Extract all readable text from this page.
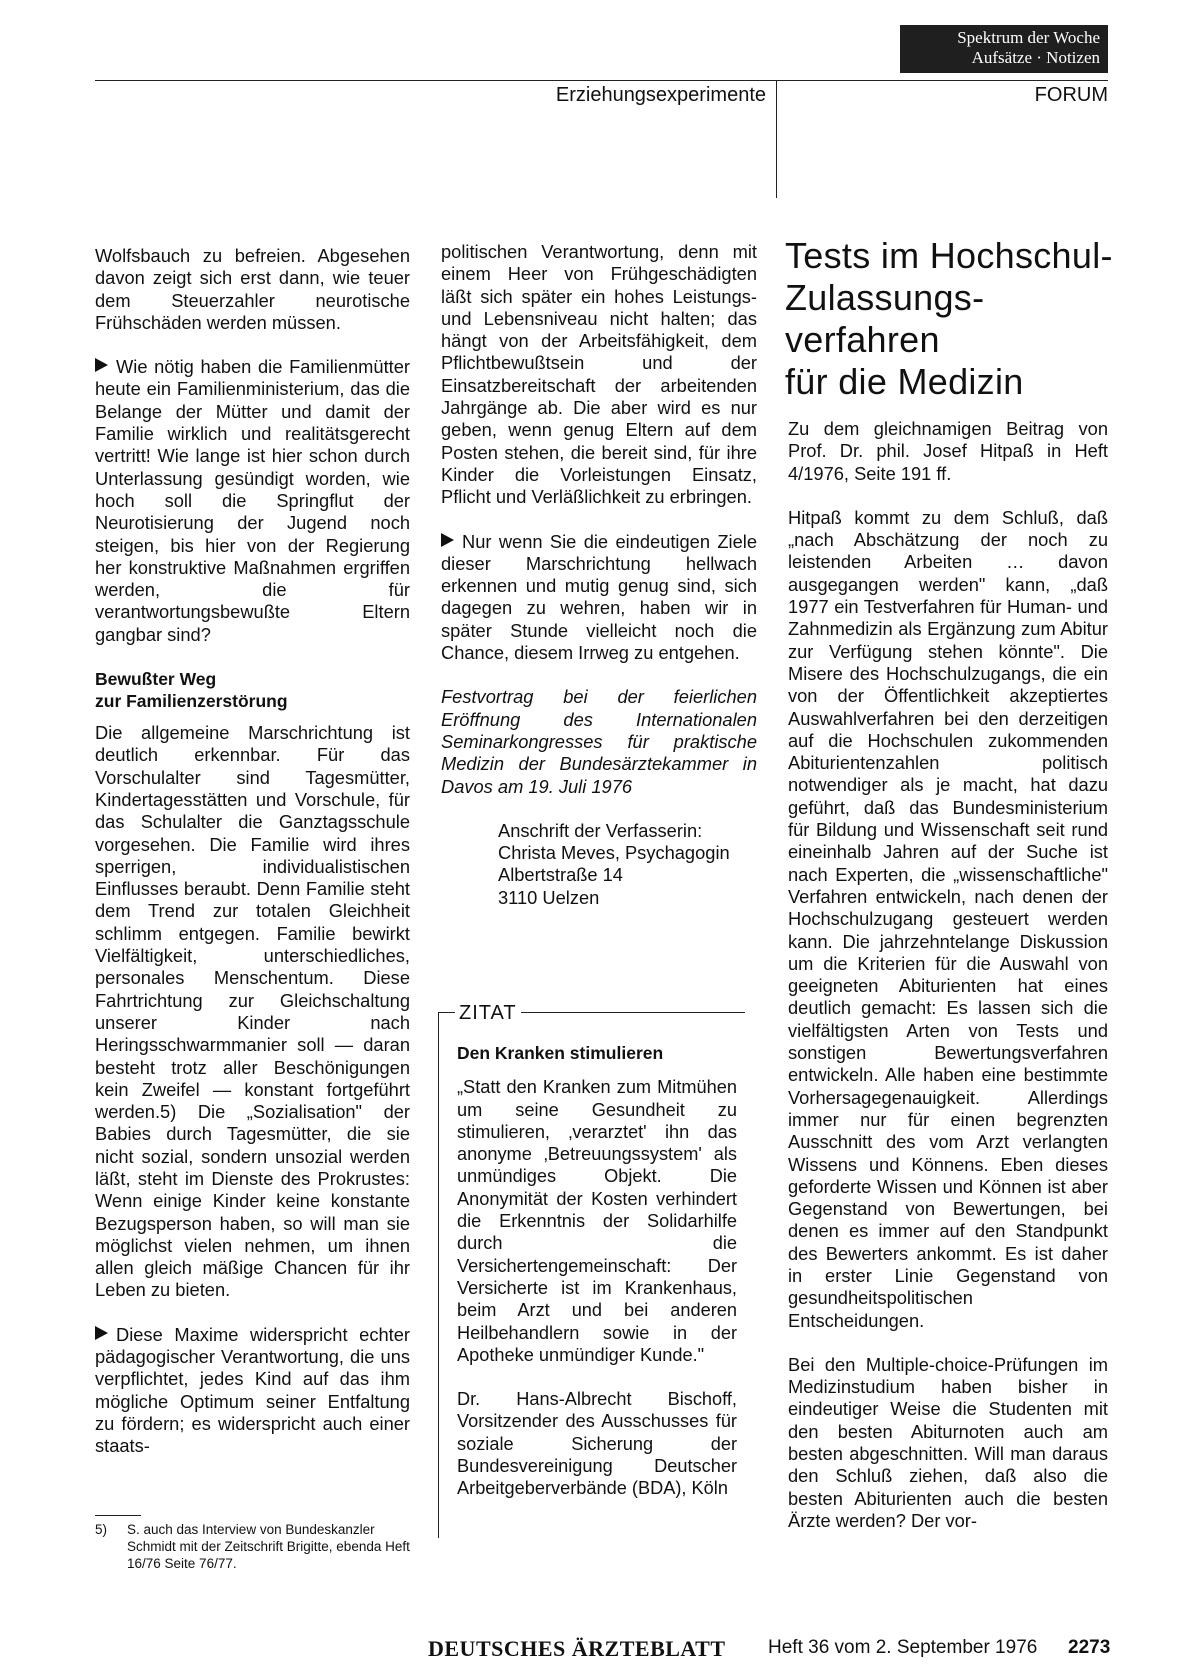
Spektrum der Woche
Aufsätze · Notizen
Erziehungsexperimente	FORUM

Wolfsbauch zu befreien. Abgesehen davon zeigt sich erst dann, wie teuer dem Steuerzahler neurotische Frühschäden werden müssen.

Wie nötig haben die Familienmütter heute ein Familienministerium, das die Belange der Mütter und damit der Familie wirklich und realitätsgerecht vertritt! Wie lange ist hier schon durch Unterlassung gesündigt worden, wie hoch soll die Springflut der Neurotisierung der Jugend noch steigen, bis hier von der Regierung her konstruktive Maßnahmen ergriffen werden, die für verantwortungsbewußte Eltern gangbar sind?

Bewußter Weg
zur Familienzerstörung

Die allgemeine Marschrichtung ist deutlich erkennbar. Für das Vorschulalter sind Tagesmütter, Kindertagesstätten und Vorschule, für das Schulalter die Ganztagsschule vorgesehen. Die Familie wird ihres sperrigen, individualistischen Einflusses beraubt. Denn Familie steht dem Trend zur totalen Gleichheit schlimm entgegen. Familie bewirkt Vielfältigkeit, unterschiedliches, personales Menschentum. Diese Fahrtrichtung zur Gleichschaltung unserer Kinder nach Heringsschwarmmanier soll — daran besteht trotz aller Beschönigungen kein Zweifel — konstant fortgeführt werden.5) Die „Sozialisation" der Babies durch Tagesmütter, die sie nicht sozial, sondern unsozial werden läßt, steht im Dienste des Prokrustes: Wenn einige Kinder keine konstante Bezugsperson haben, so will man sie möglichst vielen nehmen, um ihnen allen gleich mäßige Chancen für ihr Leben zu bieten.

Diese Maxime widerspricht echter pädagogischer Verantwortung, die uns verpflichtet, jedes Kind auf das ihm mögliche Optimum seiner Entfaltung zu fördern; es widerspricht auch einer staats-

5) S. auch das Interview von Bundeskanzler Schmidt mit der Zeitschrift Brigitte, ebenda Heft 16/76 Seite 76/77.

politischen Verantwortung, denn mit einem Heer von Frühgeschädigten läßt sich später ein hohes Leistungs- und Lebensniveau nicht halten; das hängt von der Arbeitsfähigkeit, dem Pflichtbewußtsein und der Einsatzbereitschaft der arbeitenden Jahrgänge ab. Die aber wird es nur geben, wenn genug Eltern auf dem Posten stehen, die bereit sind, für ihre Kinder die Vorleistungen Einsatz, Pflicht und Verläßlichkeit zu erbringen.

Nur wenn Sie die eindeutigen Ziele dieser Marschrichtung hellwach erkennen und mutig genug sind, sich dagegen zu wehren, haben wir in später Stunde vielleicht noch die Chance, diesem Irrweg zu entgehen.

Festvortrag bei der feierlichen Eröffnung des Internationalen Seminarkongresses für praktische Medizin der Bundesärztekammer in Davos am 19. Juli 1976

Anschrift der Verfasserin:
Christa Meves, Psychagogin
Albertstraße 14
3110 Uelzen

ZITAT

Den Kranken stimulieren

„Statt den Kranken zum Mitmühen um seine Gesundheit zu stimulieren, ‚verarztet' ihn das anonyme ‚Betreuungssystem' als unmündiges Objekt. Die Anonymität der Kosten verhindert die Erkenntnis der Solidarhilfe durch die Versichertengemeinschaft: Der Versicherte ist im Krankenhaus, beim Arzt und bei anderen Heilbehandlern sowie in der Apotheke unmündiger Kunde."

Dr. Hans-Albrecht Bischoff, Vorsitzender des Ausschusses für soziale Sicherung der Bundesvereinigung Deutscher Arbeitgeberverbände (BDA), Köln

Tests im Hochschul-
Zulassungs-
verfahren
für die Medizin

Zu dem gleichnamigen Beitrag von Prof. Dr. phil. Josef Hitpaß in Heft 4/1976, Seite 191 ff.

Hitpaß kommt zu dem Schluß, daß „nach Abschätzung der noch zu leistenden Arbeiten … davon ausgegangen werden" kann, „daß 1977 ein Testverfahren für Human- und Zahnmedizin als Ergänzung zum Abitur zur Verfügung stehen könnte". Die Misere des Hochschulzugangs, die ein von der Öffentlichkeit akzeptiertes Auswahlverfahren bei den derzeitigen auf die Hochschulen zukommenden Abiturientenzahlen politisch notwendiger als je macht, hat dazu geführt, daß das Bundesministerium für Bildung und Wissenschaft seit rund eineinhalb Jahren auf der Suche ist nach Experten, die „wissenschaftliche" Verfahren entwickeln, nach denen der Hochschulzugang gesteuert werden kann. Die jahrzehntelange Diskussion um die Kriterien für die Auswahl von geeigneten Abiturienten hat eines deutlich gemacht: Es lassen sich die vielfältigsten Arten von Tests und sonstigen Bewertungsverfahren entwickeln. Alle haben eine bestimmte Vorhersagegenauigkeit. Allerdings immer nur für einen begrenzten Ausschnitt des vom Arzt verlangten Wissens und Könnens. Eben dieses geforderte Wissen und Können ist aber Gegenstand von Bewertungen, bei denen es immer auf den Standpunkt des Bewerters ankommt. Es ist daher in erster Linie Gegenstand von gesundheitspolitischen Entscheidungen.

Bei den Multiple-choice-Prüfungen im Medizinstudium haben bisher in eindeutiger Weise die Studenten mit den besten Abiturnoten auch am besten abgeschnitten. Will man daraus den Schluß ziehen, daß also die besten Abiturienten auch die besten Ärzte werden? Der vor-

DEUTSCHES ÄRZTEBLATT Heft 36 vom 2. September 1976 2273
